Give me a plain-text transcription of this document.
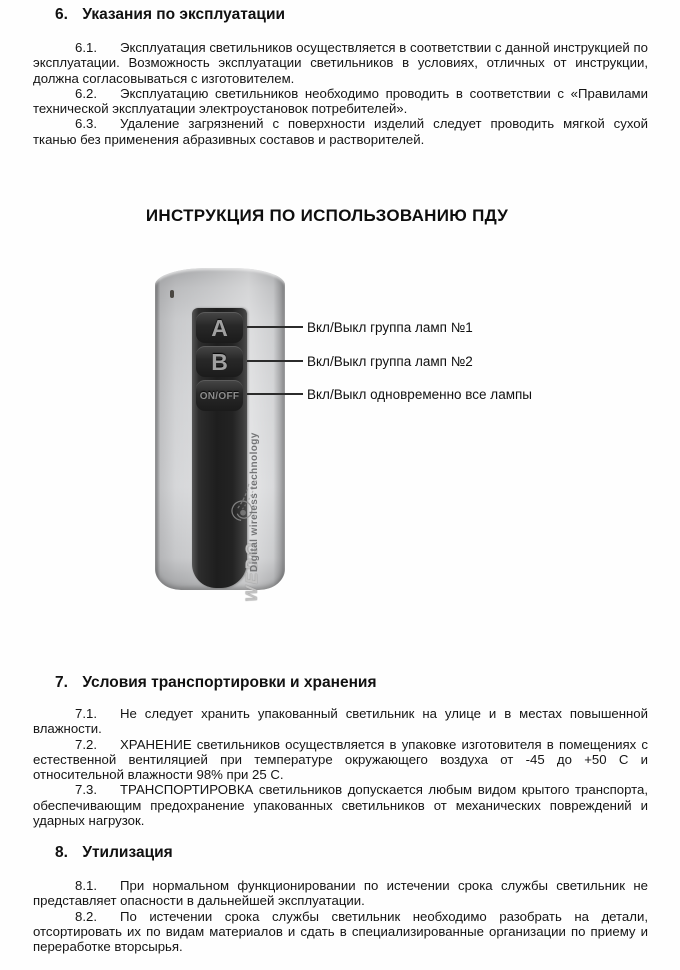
6. Указания по эксплуатации

6.1. Эксплуатация светильников осуществляется в соответствии с данной инструкцией по эксплуатации. Возможность эксплуатации светильников в условиях, отличных от инструкции, должна согласовываться с изготовителем.

6.2. Эксплуатацию светильников необходимо проводить в соответствии с «Правилами технической эксплуатации электроустановок потребителей».

6.3. Удаление загрязнений с поверхности изделий следует проводить мягкой сухой тканью без применения абразивных составов и растворителей.

ИНСТРУКЦИЯ ПО ИСПОЛЬЗОВАНИЮ ПДУ
A
B
ON/OFF
WEDO
Digital wireless technology
Вкл/Выкл группа ламп №1
Вкл/Выкл группа ламп №2
Вкл/Выкл одновременно все лампы
7. Условия транспортировки и хранения

7.1. Не следует хранить упакованный светильник на улице и в местах повышенной влажности.

7.2. ХРАНЕНИЕ светильников осуществляется в упаковке изготовителя в помещениях с естественной вентиляцией при температуре окружающего воздуха от -45 до +50 С и относительной влажности 98% при 25 С.

7.3. ТРАНСПОРТИРОВКА светильников допускается любым видом крытого транспорта, обеспечивающим предохранение упакованных светильников от механических повреждений и ударных нагрузок.

8. Утилизация

8.1. При нормальном функционировании по истечении срока службы светильник не представляет опасности в дальнейшей эксплуатации.

8.2. По истечении срока службы светильник необходимо разобрать на детали, отсортировать их по видам материалов и сдать в специализированные организации по приему и переработке вторсырья.
